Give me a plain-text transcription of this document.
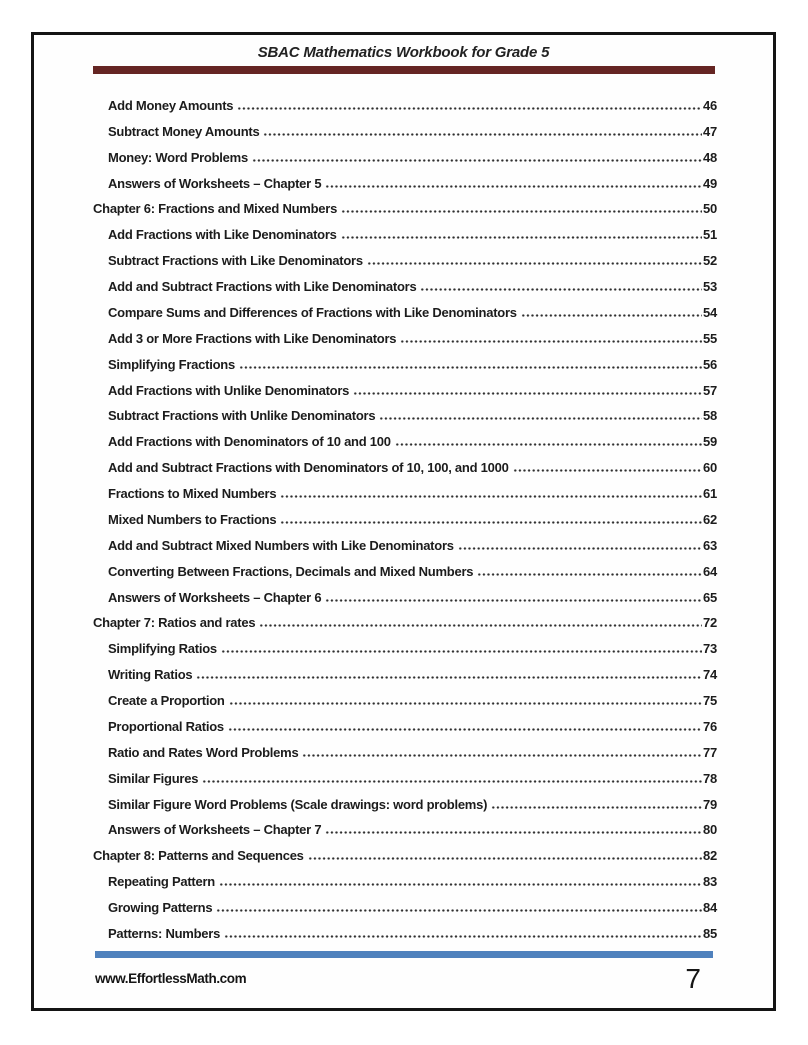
SBAC Mathematics Workbook for Grade 5
Add Money Amounts	46
Subtract Money Amounts	47
Money: Word Problems	48
Answers of Worksheets – Chapter 5	49
Chapter 6: Fractions and Mixed Numbers	50
Add Fractions with Like Denominators	51
Subtract Fractions with Like Denominators	52
Add and Subtract Fractions with Like Denominators	53
Compare Sums and Differences of Fractions with Like Denominators	54
Add 3 or More Fractions with Like Denominators	55
Simplifying Fractions	56
Add Fractions with Unlike Denominators	57
Subtract Fractions with Unlike Denominators	58
Add Fractions with Denominators of 10 and 100	59
Add and Subtract Fractions with Denominators of 10, 100, and 1000	60
Fractions to Mixed Numbers	61
Mixed Numbers to Fractions	62
Add and Subtract Mixed Numbers with Like Denominators	63
Converting Between Fractions, Decimals and Mixed Numbers	64
Answers of Worksheets – Chapter 6	65
Chapter 7: Ratios and rates	72
Simplifying Ratios	73
Writing Ratios	74
Create a Proportion	75
Proportional Ratios	76
Ratio and Rates Word Problems	77
Similar Figures	78
Similar Figure Word Problems (Scale drawings: word problems)	79
Answers of Worksheets – Chapter 7	80
Chapter 8: Patterns and Sequences	82
Repeating Pattern	83
Growing Patterns	84
Patterns: Numbers	85
www.EffortlessMath.com	7
